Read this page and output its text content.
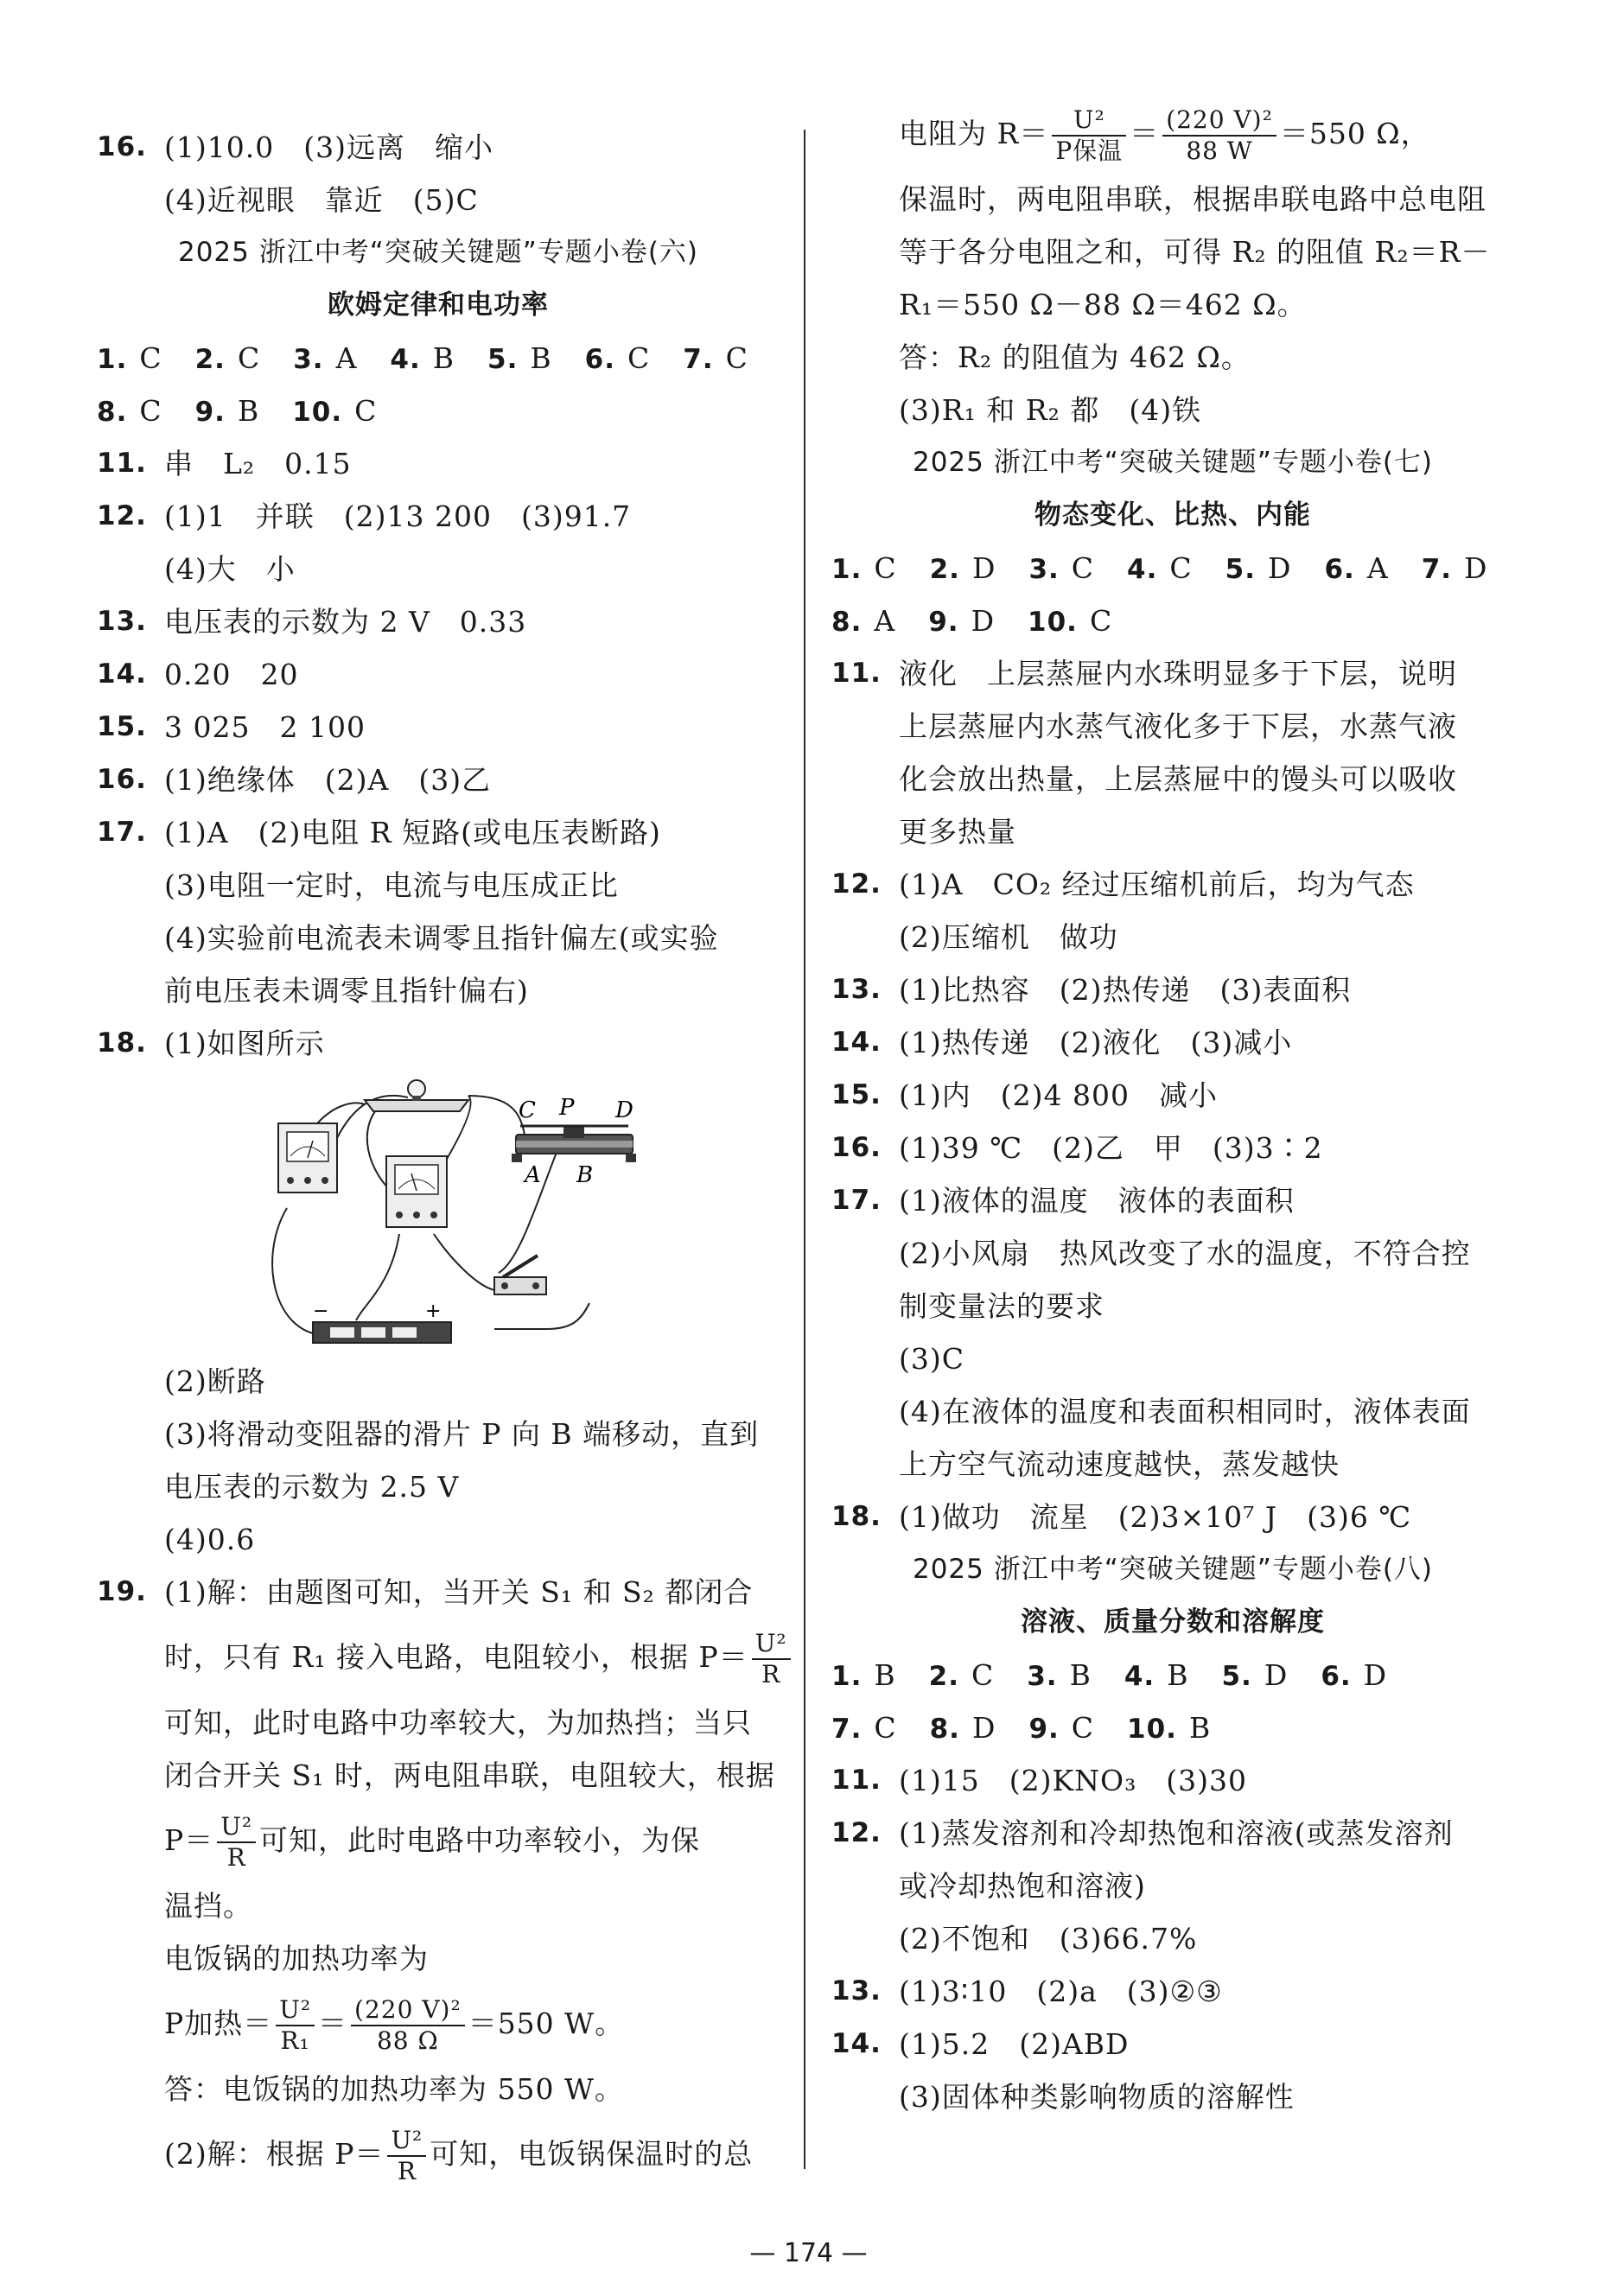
16. (1)10.0　(3)远离　缩小
(4)近视眼　靠近　(5)C
2025 浙江中考“突破关键题”专题小卷(六)
欧姆定律和电功率
1. C 2. C 3. A 4. B 5. B 6. C 7. C
8. C 9. B 10. C
11. 串　L₂　0.15
12. (1)1　并联　(2)13 200　(3)91.7
(4)大　小
13. 电压表的示数为 2 V　0.33
14. 0.20　20
15. 3 025　2 100
16. (1)绝缘体　(2)A　(3)乙
17. (1)A　(2)电阻 R 短路(或电压表断路)
(3)电阻一定时，电流与电压成正比
(4)实验前电流表未调零且指针偏左(或实验
前电压表未调零且指针偏右)
18. (1)如图所示
C P D
A B
−	+
(2)断路
(3)将滑动变阻器的滑片 P 向 B 端移动，直到
电压表的示数为 2.5 V
(4)0.6
19. (1)解：由题图可知，当开关 S₁ 和 S₂ 都闭合
时，只有 R₁ 接入电路，电阻较小，根据 $P= \frac{\text{U²}}{R}$
可知，此时电路中功率较大，为加热挡；当只
闭合开关 S₁ 时，两电阻串联，电阻较大，根据
$P= \frac{\text{U²}}{R}$ 可知，此时电路中功率较小，为保
温挡。
电饭锅的加热功率为
P加热＝ $\frac{\text{U²}}{\text{R₁}} = \frac{\text{(220 V)²}}{88 \Omega} =550$ W。
答：电饭锅的加热功率为 550 W。
(2)解：根据 $P= \frac{\text{U²}}{R}$ 可知，电饭锅保温时的总
电阻为 $R= \frac{\text{U²}}{\text{P保温}} = \frac{\text{(220 V)²}}{88 W} =550$ Ω，
保温时，两电阻串联，根据串联电路中总电阻
等于各分电阻之和，可得 R₂ 的阻值 R₂＝R－
R₁＝550 Ω－88 Ω＝462 Ω。
答：R₂ 的阻值为 462 Ω。
(3)R₁ 和 R₂ 都　(4)铁
2025 浙江中考“突破关键题”专题小卷(七)
物态变化、比热、内能
1. C 2. D 3. C 4. C 5. D 6. A 7. D
8. A 9. D 10. C
11. 液化　上层蒸屉内水珠明显多于下层，说明
上层蒸屉内水蒸气液化多于下层，水蒸气液
化会放出热量，上层蒸屉中的馒头可以吸收
更多热量
12. (1)A　CO₂ 经过压缩机前后，均为气态
(2)压缩机　做功
13. (1)比热容　(2)热传递　(3)表面积
14. (1)热传递　(2)液化　(3)减小
15. (1)内　(2)4 800　减小
16. (1)39 ℃　(2)乙　甲　(3)3∶2
17. (1)液体的温度　液体的表面积
(2)小风扇　热风改变了水的温度，不符合控
制变量法的要求
(3)C
(4)在液体的温度和表面积相同时，液体表面
上方空气流动速度越快，蒸发越快
18. (1)做功　流星　(2)3×10⁷ J　(3)6 ℃
2025 浙江中考“突破关键题”专题小卷(八)
溶液、质量分数和溶解度
1. B 2. C 3. B 4. B 5. D 6. D
7. C 8. D 9. C 10. B
11. (1)15　(2)KNO₃　(3)30
12. (1)蒸发溶剂和冷却热饱和溶液(或蒸发溶剂
或冷却热饱和溶液)
(2)不饱和　(3)66.7%
13. (1)3∶10　(2)a　(3)②③
14. (1)5.2　(2)ABD
(3)固体种类影响物质的溶解性
— 174 —
